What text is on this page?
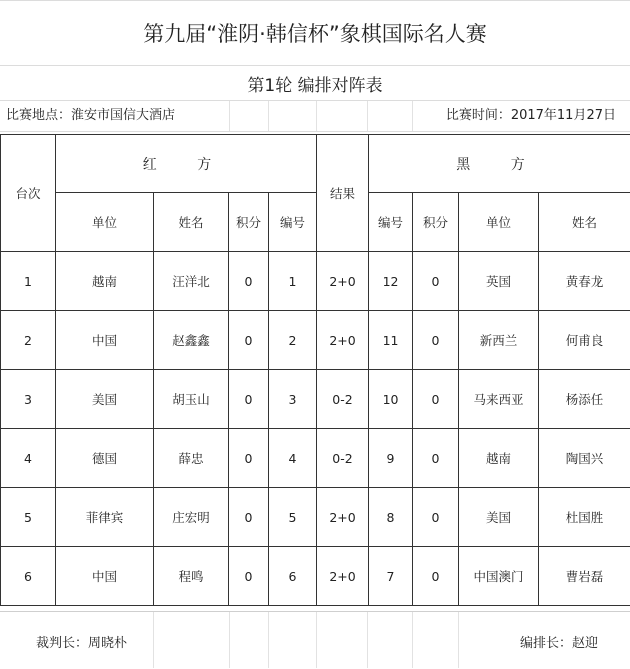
第九届“淮阴·韩信杯”象棋国际名人赛
第1轮 编排对阵表
比赛地点：淮安市国信大酒店	比赛时间：2017年11月27日
台次	红 方				结果	黑 方			
	单位	姓名	积分	编号		编号	积分	单位	姓名
1	越南	汪洋北	0	1	2+0	12	0	英国	黄春龙
2	中国	赵鑫鑫	0	2	2+0	11	0	新西兰	何甫良
3	美国	胡玉山	0	3	0-2	10	0	马来西亚	杨添任
4	德国	薛忠	0	4	0-2	9	0	越南	陶国兴
5	菲律宾	庄宏明	0	5	2+0	8	0	美国	杜国胜
6	中国	程鸣	0	6	2+0	7	0	中国澳门	曹岩磊
裁判长：周晓朴	编排长：赵迎
